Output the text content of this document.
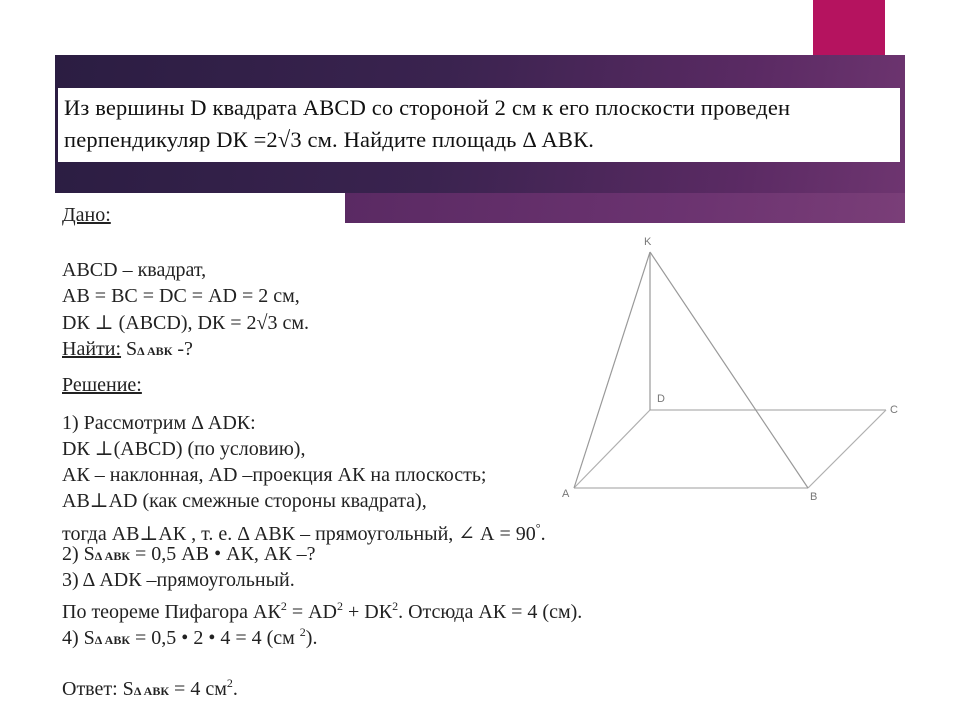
Из вершины D квадрата ABCD со стороной 2 см к его плоскости проведен
перпендикуляр DК =2√3 см. Найдите площадь Δ АВК.
Дано:
АВСD – квадрат,
АВ = ВС = DС = АD = 2 см,
DК ⊥ (АВСD), DК = 2√3 см.
Найти: SΔ АВК -?
Решение:
1) Рассмотрим Δ АDК:
DК ⊥(АВСD) (по условию),
АК – наклонная, АD –проекция АК на плоскость;
АВ⊥АD (как смежные стороны квадрата),
тогда АВ⊥АК , т. е. Δ АВК – прямоугольный, ∠ А = 90°.
2) SΔ АВК = 0,5 АВ • АК, АК –?
3) Δ АDК –прямоугольный.
По теореме Пифагора $АК^2 = АD^2 + DК^2$. Отсюда АК = 4 (см).
4) SΔ АВК = 0,5 • 2 • 4 = 4 (см $^2$).
Ответ: SΔ АВК = 4 $см^2$.
K
D
C
A	B
